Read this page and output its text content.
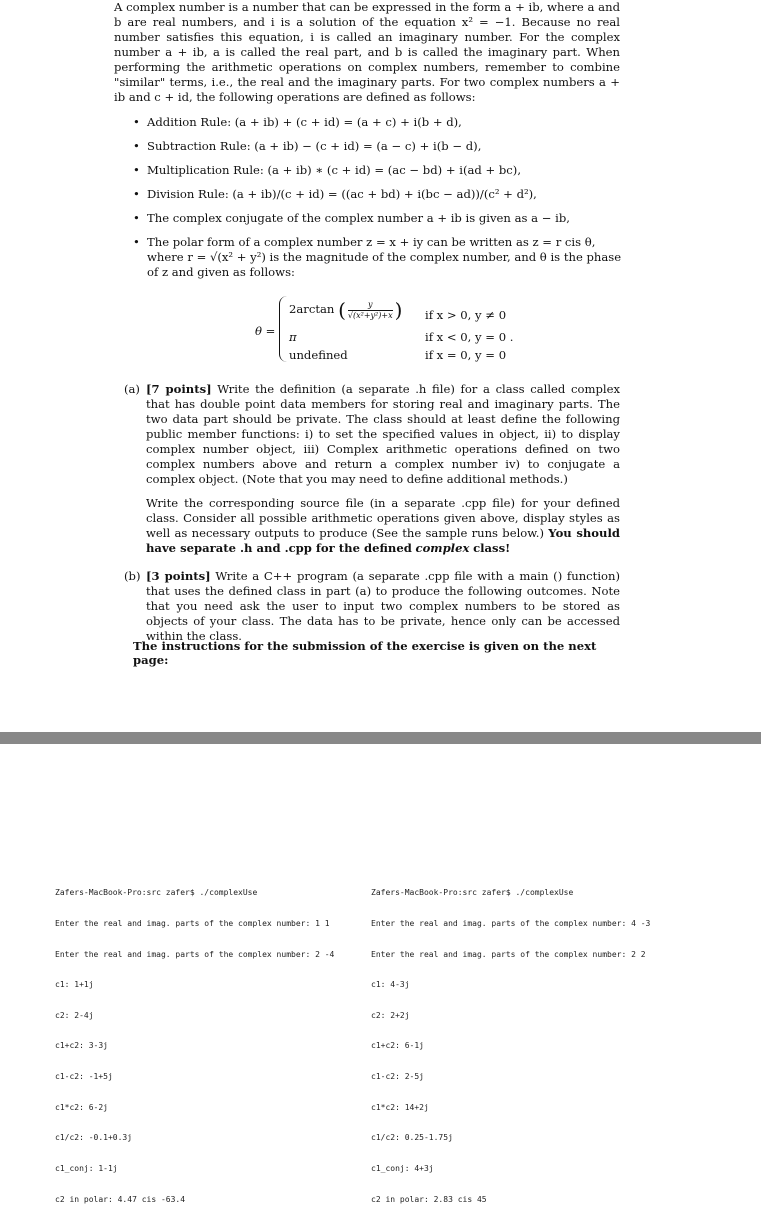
A complex number is a number that can be expressed in the form a + ib, where a and b are real numbers, and i is a solution of the equation x² = −1. Because no real number satisfies this equation, i is called an imaginary number. For the complex number a + ib, a is called the real part, and b is called the imaginary part. When performing the arithmetic operations on complex numbers, remember to combine "similar" terms, i.e., the real and the imaginary parts. For two complex numbers a + ib and c + id, the following operations are defined as follows:
• Addition Rule: (a + ib) + (c + id) = (a + c) + i(b + d),
• Subtraction Rule: (a + ib) − (c + id) = (a − c) + i(b − d),
• Multiplication Rule: (a + ib) ∗ (c + id) = (ac − bd) + i(ad + bc),
• Division Rule: (a + ib)/(c + id) = ((ac + bd) + i(bc − ad))/(c² + d²),
• The complex conjugate of the complex number a + ib is given as a − ib,
• The polar form of a complex number z = x + iy can be written as z = r cis θ, where r = √(x² + y²) is the magnitude of the complex number, and θ is the phase of z and given as follows:
θ =
2arctan ( $\frac{y}{\text{√(x²+y²)+x}}$ ) if x > 0, y ≠ 0
π	if x < 0, y = 0 .
undefined	if x = 0, y = 0
(a) [7 points] Write the definition (a separate .h file) for a class called complex that has double point data members for storing real and imaginary parts. The two data part should be private. The class should at least define the following public member functions: i) to set the specified values in object, ii) to display complex number object, iii) Complex arithmetic operations defined on two complex numbers above and return a complex number iv) to conjugate a complex object. (Note that you may need to define additional methods.)

Write the corresponding source file (in a separate .cpp file) for your defined class. Consider all possible arithmetic operations given above, display styles as well as necessary outputs to produce (See the sample runs below.) You should have separate .h and .cpp for the defined complex class!

(b) [3 points] Write a C++ program (a separate .cpp file with a main () function) that uses the defined class in part (a) to produce the following outcomes. Note that you need ask the user to input two complex numbers to be stored as objects of your class. The data has to be private, hence only can be accessed within the class.

The instructions for the submission of the exercise is given on the next page:

Zafers-MacBook-Pro:src zafer$ ./complexUse

Enter the real and imag. parts of the complex number: 1 1

Enter the real and imag. parts of the complex number: 2 -4

c1: 1+1j

c2: 2-4j

c1+c2: 3-3j

c1-c2: -1+5j

c1*c2: 6-2j

c1/c2: -0.1+0.3j

c1_conj: 1-1j

c2 in polar: 4.47 cis -63.4

Zafers-MacBook-Pro:src zafer$ ./complexUse

Enter the real and imag. parts of the complex number: 4 -3

Enter the real and imag. parts of the complex number: 2 2

c1: 4-3j

c2: 2+2j

c1+c2: 6-1j

c1-c2: 2-5j

c1*c2: 14+2j

c1/c2: 0.25-1.75j

c1_conj: 4+3j

c2 in polar: 2.83 cis 45
